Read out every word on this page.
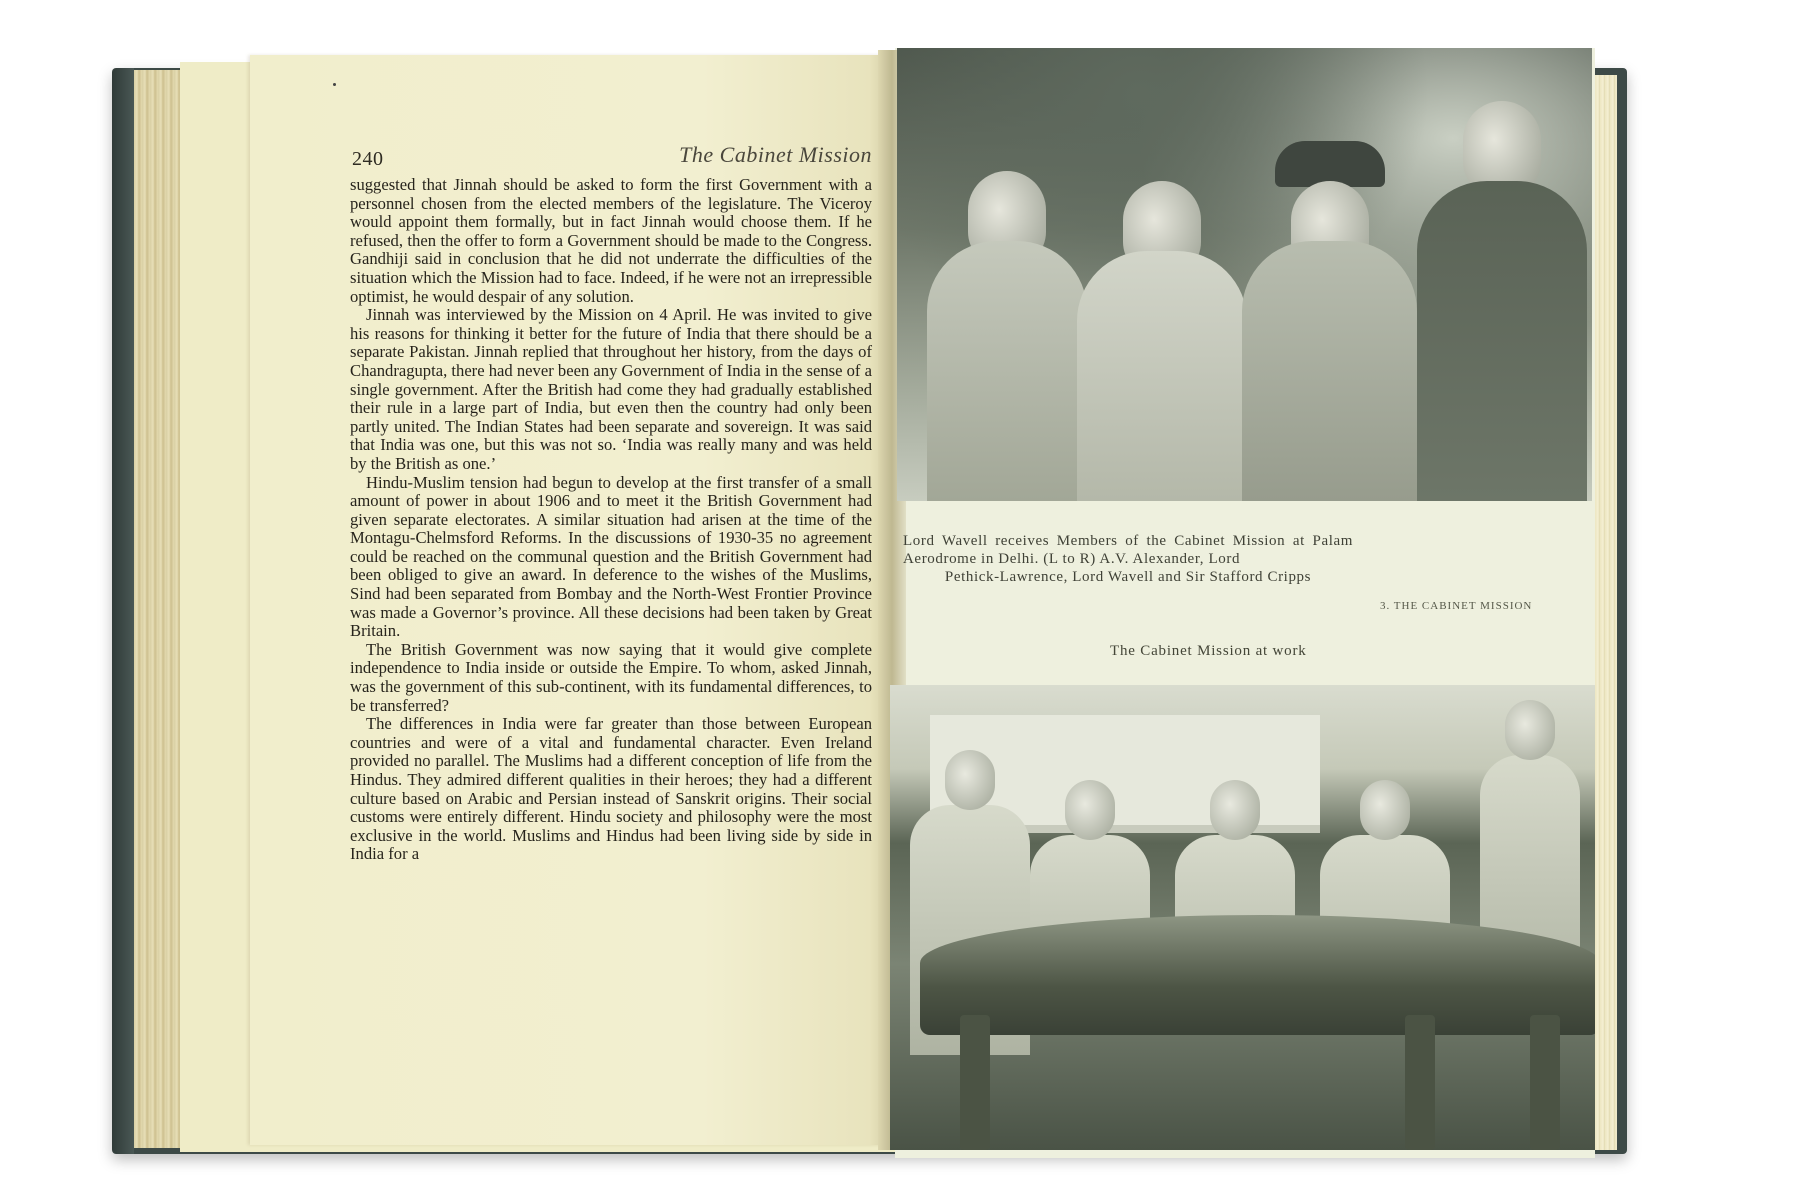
240	The Cabinet Mission

suggested that Jinnah should be asked to form the first Government with a personnel chosen from the elected members of the legislature. The Viceroy would appoint them formally, but in fact Jinnah would choose them. If he refused, then the offer to form a Government should be made to the Congress. Gandhiji said in conclusion that he did not underrate the difficulties of the situation which the Mission had to face. Indeed, if he were not an irrepressible optimist, he would despair of any solution.

Jinnah was interviewed by the Mission on 4 April. He was invited to give his reasons for thinking it better for the future of India that there should be a separate Pakistan. Jinnah replied that throughout her history, from the days of Chandragupta, there had never been any Government of India in the sense of a single government. After the British had come they had gradually established their rule in a large part of India, but even then the country had only been partly united. The Indian States had been separate and sovereign. It was said that India was one, but this was not so. ‘India was really many and was held by the British as one.’

Hindu-Muslim tension had begun to develop at the first transfer of a small amount of power in about 1906 and to meet it the British Government had given separate electorates. A similar situation had arisen at the time of the Montagu-Chelmsford Reforms. In the discussions of 1930-35 no agreement could be reached on the communal question and the British Government had been obliged to give an award. In deference to the wishes of the Muslims, Sind had been separated from Bombay and the North-West Frontier Province was made a Governor’s province. All these decisions had been taken by Great Britain.

The British Government was now saying that it would give complete independence to India inside or outside the Empire. To whom, asked Jinnah, was the government of this sub-continent, with its fundamental differences, to be transferred?

The differences in India were far greater than those between European countries and were of a vital and fundamental character. Even Ireland provided no parallel. The Muslims had a different conception of life from the Hindus. They admired different qualities in their heroes; they had a different culture based on Arabic and Persian instead of Sanskrit origins. Their social customs were entirely different. Hindu society and philosophy were the most exclusive in the world. Muslims and Hindus had been living side by side in India for a

Lord Wavell receives Members of the Cabinet Mission at Palam Aerodrome in Delhi. (L to R) A.V. Alexander, Lord
Pethick-Lawrence, Lord Wavell and Sir Stafford Cripps
3. THE CABINET MISSION
The Cabinet Mission at work
